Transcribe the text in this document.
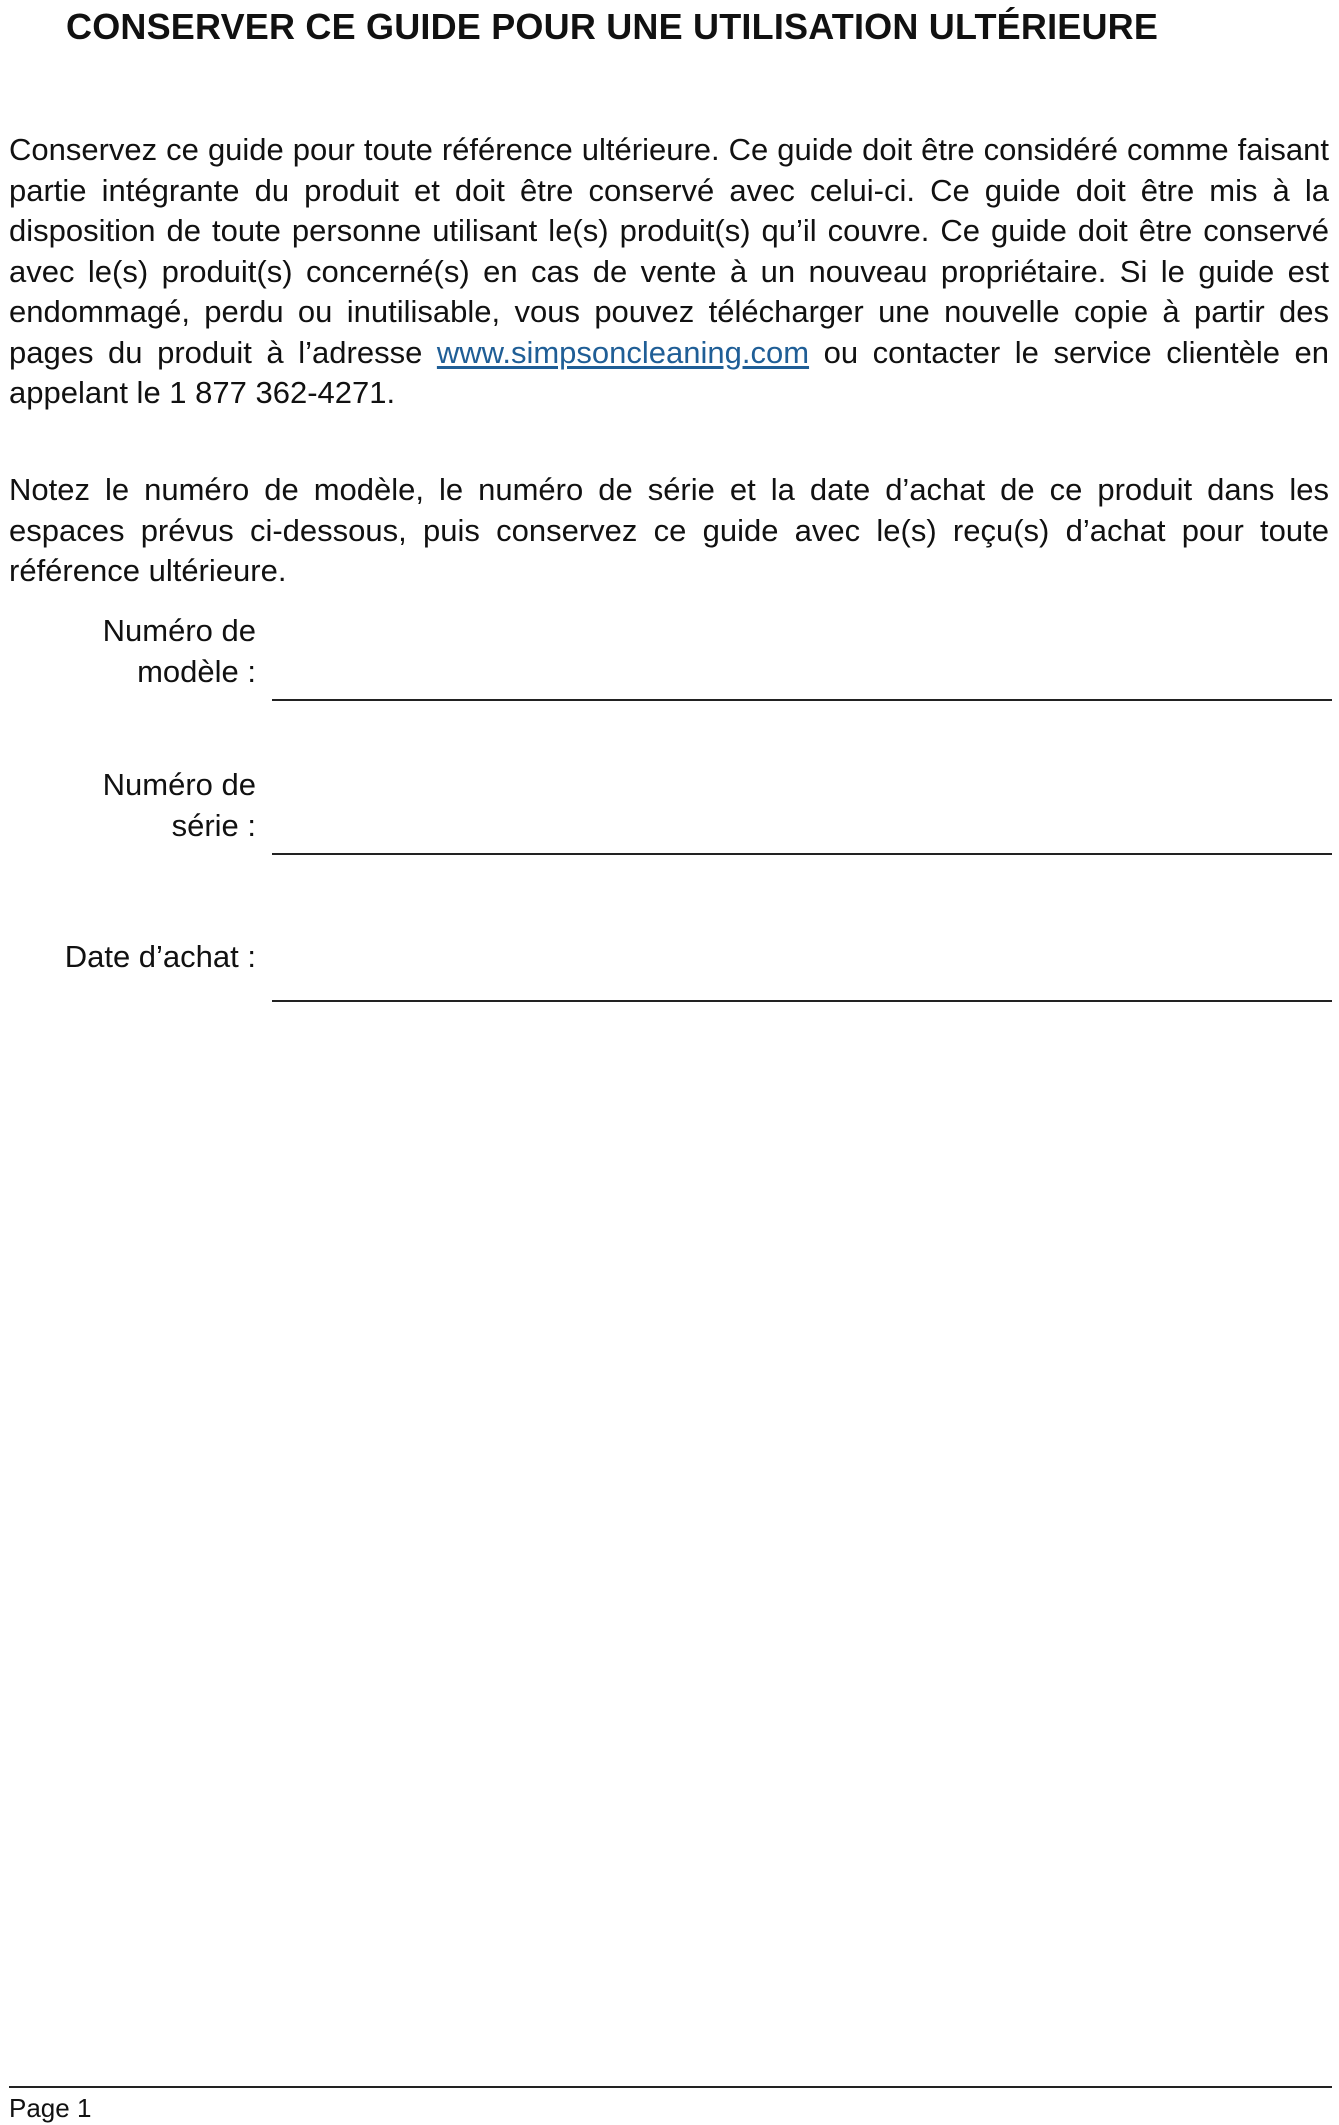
CONSERVER CE GUIDE POUR UNE UTILISATION ULTÉRIEURE

Conservez ce guide pour toute référence ultérieure. Ce guide doit être considéré comme faisant partie intégrante du produit et doit être conservé avec celui-ci. Ce guide doit être mis à la disposition de toute personne utilisant le(s) produit(s) qu’il couvre. Ce guide doit être conservé avec le(s) produit(s) concerné(s) en cas de vente à un nouveau propriétaire. Si le guide est endommagé, perdu ou inutilisable, vous pouvez télécharger une nouvelle copie à partir des pages du produit à l’adresse www.simpsoncleaning.com ou contacter le service clientèle en appelant le 1 877 362-4271.

Notez le numéro de modèle, le numéro de série et la date d’achat de ce produit dans les espaces prévus ci-dessous, puis conservez ce guide avec le(s) reçu(s) d’achat pour toute référence ultérieure.

Numéro de
modèle :
Numéro de
série :
Date d’achat :
Page 1
